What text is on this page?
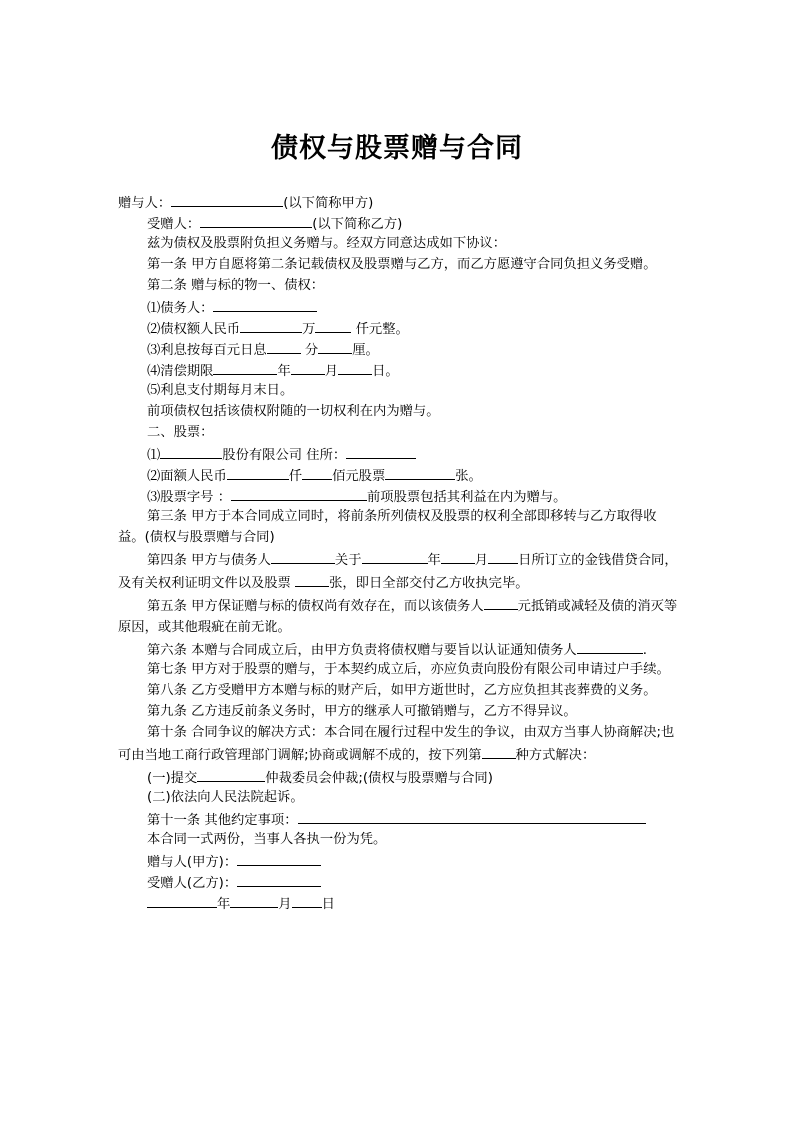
债权与股票赠与合同
赠与人：	(以下简称甲方)
受赠人：	(以下简称乙方)
兹为债权及股票附负担义务赠与。经双方同意达成如下协议：
第一条 甲方自愿将第二条记载债权及股票赠与乙方，而乙方愿遵守合同负担义务受赠。
第二条 赠与标的物一、债权：
⑴债务人：
⑵债权额人民币	万	仟元整。
⑶利息按每百元日息	分	厘。
⑷清偿期限	年	月	日。
⑸利息支付期每月末日。
前项债权包括该债权附随的一切权利在内为赠与。
二、股票：
⑴	股份有限公司 住所：
⑵面额人民币	仟 佰元股票	张。
⑶股票字号 ：	前项股票包括其利益在内为赠与。
第三条 甲方于本合同成立同时，将前条所列债权及股票的权利全部即移转与乙方取得收益。(债权与股票赠与合同)
第四条 甲方与债务人	关于	年	月 日所订立的金钱借贷合同，及有关权利证明文件以及股票	张，即日全部交付乙方收执完毕。
第五条 甲方保证赠与标的债权尚有效存在，而以该债务人	元抵销或减轻及债的消灭等原因，或其他瑕疵在前无讹。
第六条 本赠与合同成立后，由甲方负责将债权赠与要旨以认证通知债务人	.
第七条 甲方对于股票的赠与，于本契约成立后，亦应负责向股份有限公司申请过户手续。
第八条 乙方受赠甲方本赠与标的财产后，如甲方逝世时，乙方应负担其丧葬费的义务。
第九条 乙方违反前条义务时，甲方的继承人可撤销赠与，乙方不得异议。
第十条 合同争议的解决方式：本合同在履行过程中发生的争议，由双方当事人协商解决;也可由当地工商行政管理部门调解;协商或调解不成的，按下列第	种方式解决：
(一)提交	仲裁委员会仲裁;(债权与股票赠与合同)
(二)依法向人民法院起诉。
第十一条 其他约定事项：
本合同一式两份，当事人各执一份为凭。
赠与人(甲方)：
受赠人(乙方)：
年	月 日
